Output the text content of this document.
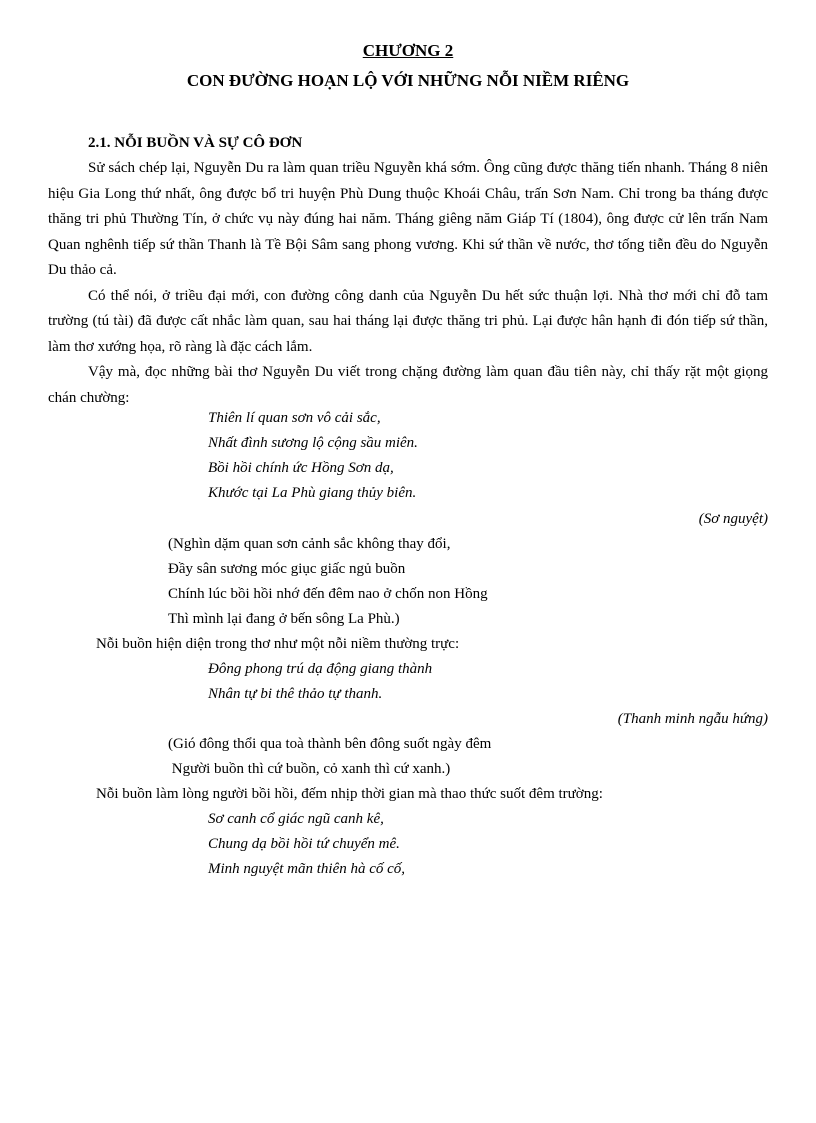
CHƯƠNG 2
CON ĐƯỜNG HOẠN LỘ VỚI NHỮNG NỖI NIỀM RIÊNG
2.1. NỖI BUỒN VÀ SỰ CÔ ĐƠN

Sử sách chép lại, Nguyễn Du ra làm quan triều Nguyễn khá sớm. Ông cũng được thăng tiến nhanh. Tháng 8 niên hiệu Gia Long thứ nhất, ông được bổ tri huyện Phù Dung thuộc Khoái Châu, trấn Sơn Nam. Chỉ trong ba tháng được thăng tri phủ Thường Tín, ở chức vụ này đúng hai năm. Tháng giêng năm Giáp Tí (1804), ông được cử lên trấn Nam Quan nghênh tiếp sứ thần Thanh là Tề Bội Sâm sang phong vương. Khi sứ thần về nước, thơ tống tiễn đều do Nguyễn Du thảo cả.

Có thể nói, ở triều đại mới, con đường công danh của Nguyễn Du hết sức thuận lợi. Nhà thơ mới chỉ đỗ tam trường (tú tài) đã được cất nhắc làm quan, sau hai tháng lại được thăng tri phủ. Lại được hân hạnh đi đón tiếp sứ thần, làm thơ xướng họa, rõ ràng là đặc cách lắm.

Vậy mà, đọc những bài thơ Nguyễn Du viết trong chặng đường làm quan đầu tiên này, chỉ thấy rặt một giọng chán chường:

Thiên lí quan sơn vô cải sắc,
Nhất đình sương lộ cộng sầu miên.
Bồi hồi chính ức Hồng Sơn dạ,
Khước tại La Phù giang thủy biên.
(Sơ nguyệt)
(Nghìn dặm quan sơn cảnh sắc không thay đổi,
Đầy sân sương móc giục giấc ngủ buồn
Chính lúc bồi hồi nhớ đến đêm nao ở chốn non Hồng
Thì mình lại đang ở bến sông La Phù.)
Nỗi buồn hiện diện trong thơ như một nỗi niềm thường trực:
Đông phong trú dạ động giang thành
Nhân tự bi thê thảo tự thanh.
(Thanh minh ngẫu hứng)
(Gió đông thổi qua toà thành bên đông suốt ngày đêm
Người buồn thì cứ buồn, cỏ xanh thì cứ xanh.)
Nỗi buồn làm lòng người bồi hồi, đếm nhịp thời gian mà thao thức suốt đêm trường:
Sơ canh cổ giác ngũ canh kê,
Chung dạ bồi hồi tứ chuyển mê.
Minh nguyệt mãn thiên hà cố cố,
